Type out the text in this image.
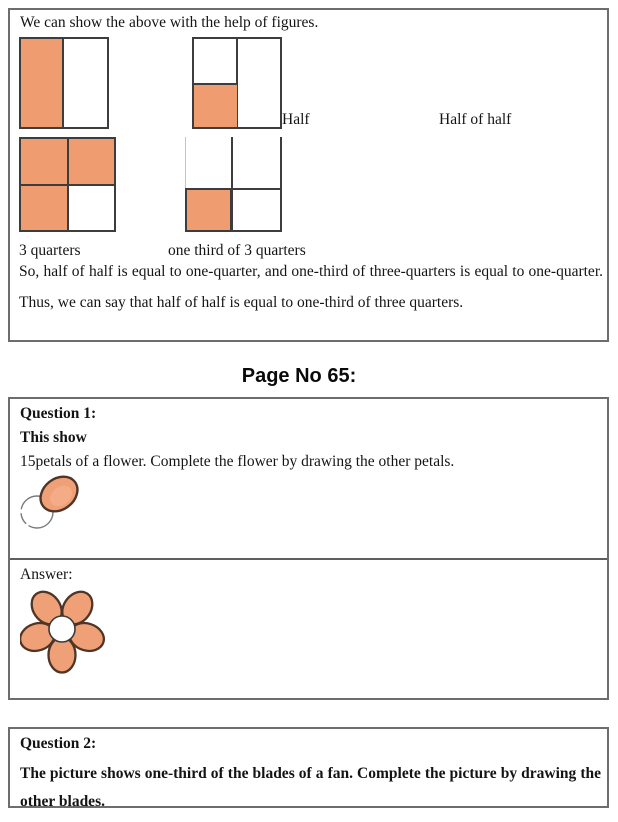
We can show the above with the help of figures.
Half	Half of half
3 quarters	one third of 3 quarters
So, half of half is equal to one-quarter, and one-third of three-quarters is equal to one-quarter.
Thus, we can say that half of half is equal to one-third of three quarters.
Page No 65:
Question 1:
This show
15petals of a flower. Complete the flower by drawing the other petals.
Answer:
Question 2:
The picture shows one-third of the blades of a fan. Complete the picture by drawing the other blades.
